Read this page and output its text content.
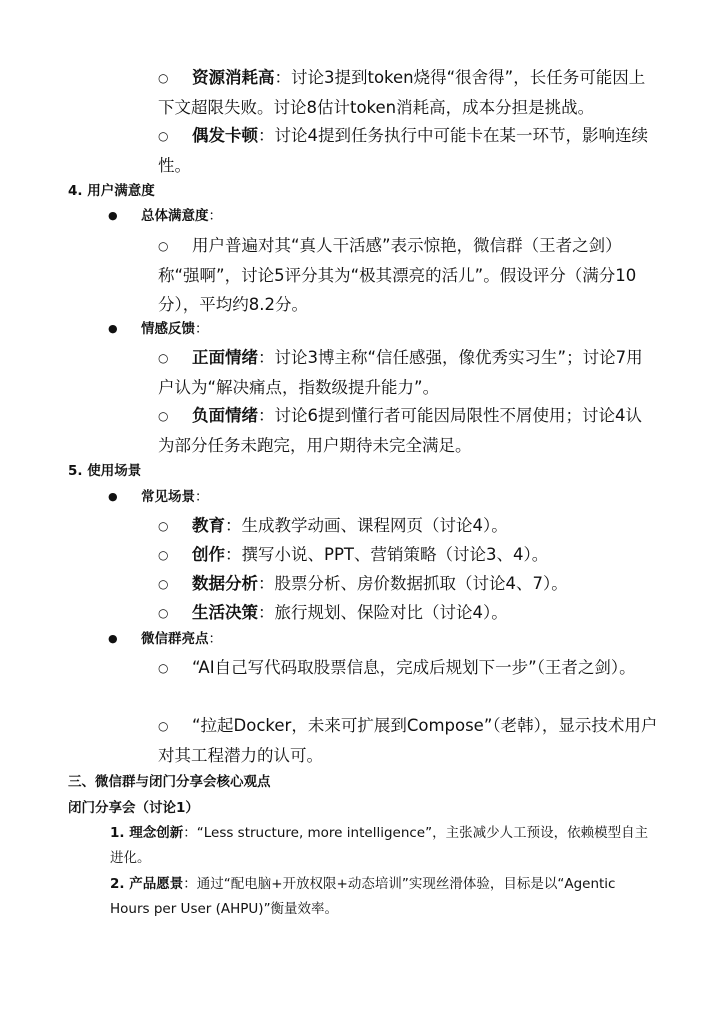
○ 资源消耗高：讨论3提到token烧得“很舍得”，长任务可能因上下文超限失败。讨论8估计token消耗高，成本分担是挑战。
○ 偶发卡顿：讨论4提到任务执行中可能卡在某一环节，影响连续性。
4. 用户满意度
● 总体满意度：
○ 用户普遍对其“真人干活感”表示惊艳，微信群（王者之剑）称“强啊”，讨论5评分其为“极其漂亮的活儿”。假设评分（满分10分），平均约8.2分。
● 情感反馈：
○ 正面情绪：讨论3博主称“信任感强，像优秀实习生”；讨论7用户认为“解决痛点，指数级提升能力”。
○ 负面情绪：讨论6提到懂行者可能因局限性不屑使用；讨论4认为部分任务未跑完，用户期待未完全满足。
5. 使用场景
● 常见场景：
○ 教育：生成教学动画、课程网页（讨论4）。
○ 创作：撰写小说、PPT、营销策略（讨论3、4）。
○ 数据分析：股票分析、房价数据抓取（讨论4、7）。
○ 生活决策：旅行规划、保险对比（讨论4）。
● 微信群亮点：
○ “AI自己写代码取股票信息，完成后规划下一步”（王者之剑）。
○ “拉起Docker，未来可扩展到Compose”（老韩），显示技术用户对其工程潜力的认可。
三、微信群与闭门分享会核心观点
闭门分享会（讨论1）
1. 理念创新：“Less structure, more intelligence”，主张减少人工预设，依赖模型自主进化。
2. 产品愿景：通过“配电脑+开放权限+动态培训”实现丝滑体验，目标是以“Agentic Hours per User (AHPU)”衡量效率。
